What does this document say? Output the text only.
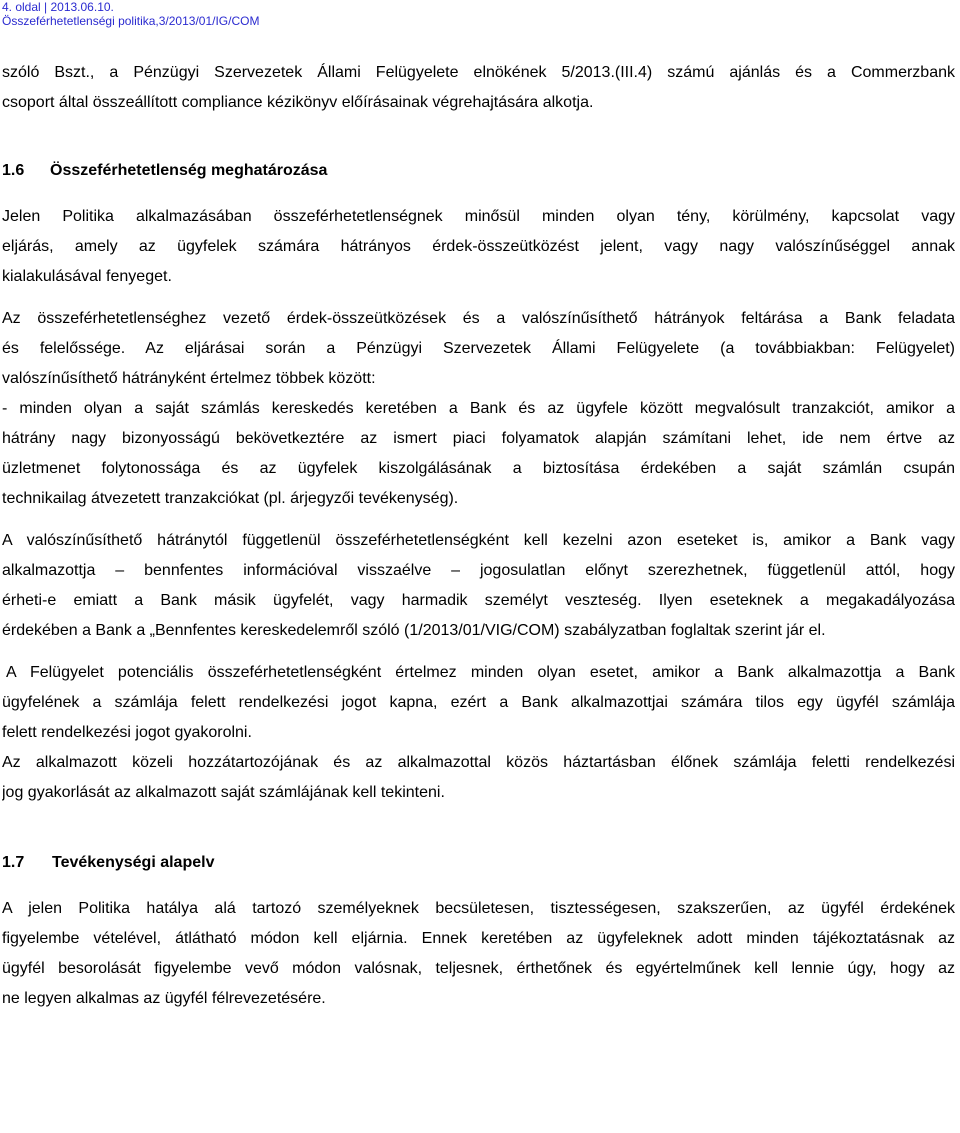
4. oldal | 2013.06.10.
Összeférhetetlenségi politika,3/2013/01/IG/COM
szóló Bszt., a Pénzügyi Szervezetek Állami Felügyelete elnökének 5/2013.(III.4) számú ajánlás és a Commerzbank
csoport által összeállított compliance kézikönyv előírásainak végrehajtására alkotja.
1.6 Összeférhetetlenség meghatározása
Jelen Politika alkalmazásában összeférhetetlenségnek minősül minden olyan tény, körülmény, kapcsolat vagy
eljárás, amely az ügyfelek számára hátrányos érdek-összeütközést jelent, vagy nagy valószínűséggel annak
kialakulásával fenyeget.
Az összeférhetetlenséghez vezető érdek-összeütközések és a valószínűsíthető hátrányok feltárása a Bank feladata
és felelőssége. Az eljárásai során a Pénzügyi Szervezetek Állami Felügyelete (a továbbiakban: Felügyelet)
valószínűsíthető hátrányként értelmez többek között:
- minden olyan a saját számlás kereskedés keretében a Bank és az ügyfele között megvalósult tranzakciót, amikor a
hátrány nagy bizonyosságú bekövetkeztére az ismert piaci folyamatok alapján számítani lehet, ide nem értve az
üzletmenet folytonossága és az ügyfelek kiszolgálásának a biztosítása érdekében a saját számlán csupán
technikailag átvezetett tranzakciókat (pl. árjegyzői tevékenység).
A valószínűsíthető hátránytól függetlenül összeférhetetlenségként kell kezelni azon eseteket is, amikor a Bank vagy
alkalmazottja – bennfentes információval visszaélve – jogosulatlan előnyt szerezhetnek, függetlenül attól, hogy
érheti-e emiatt a Bank másik ügyfelét, vagy harmadik személyt veszteség. Ilyen eseteknek a megakadályozása
érdekében a Bank a „Bennfentes kereskedelemről szóló (1/2013/01/VIG/COM) szabályzatban foglaltak szerint jár el.
A Felügyelet potenciális összeférhetetlenségként értelmez minden olyan esetet, amikor a Bank alkalmazottja a Bank
ügyfelének a számlája felett rendelkezési jogot kapna, ezért a Bank alkalmazottjai számára tilos egy ügyfél számlája
felett rendelkezési jogot gyakorolni.
Az alkalmazott közeli hozzátartozójának és az alkalmazottal közös háztartásban élőnek számlája feletti rendelkezési
jog gyakorlását az alkalmazott saját számlájának kell tekinteni.
1.7 Tevékenységi alapelv
A jelen Politika hatálya alá tartozó személyeknek becsületesen, tisztességesen, szakszerűen, az ügyfél érdekének
figyelembe vételével, átlátható módon kell eljárnia. Ennek keretében az ügyfeleknek adott minden tájékoztatásnak az
ügyfél besorolását figyelembe vevő módon valósnak, teljesnek, érthetőnek és egyértelműnek kell lennie úgy, hogy az
ne legyen alkalmas az ügyfél félrevezetésére.
